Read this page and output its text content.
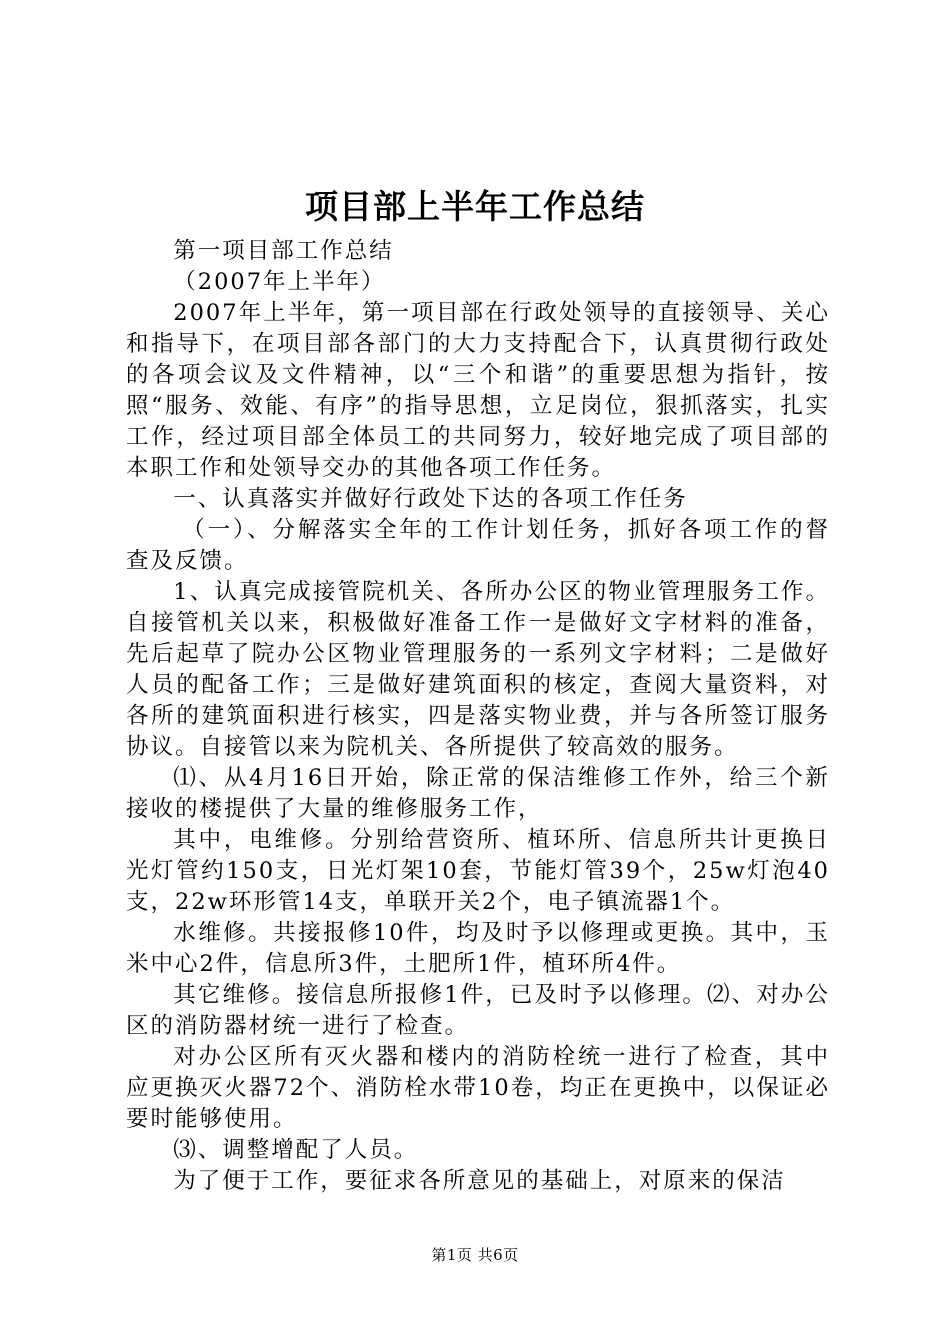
项目部上半年工作总结

第一项目部工作总结

（2007年上半年）

2007年上半年，第一项目部在行政处领导的直接领导、关心和指导下，在项目部各部门的大力支持配合下，认真贯彻行政处的各项会议及文件精神，以“三个和谐”的重要思想为指针，按照“服务、效能、有序”的指导思想，立足岗位，狠抓落实，扎实工作，经过项目部全体员工的共同努力，较好地完成了项目部的本职工作和处领导交办的其他各项工作任务。

一、认真落实并做好行政处下达的各项工作任务

（一）、分解落实全年的工作计划任务，抓好各项工作的督查及反馈。

1、认真完成接管院机关、各所办公区的物业管理服务工作。自接管机关以来，积极做好准备工作一是做好文字材料的准备，先后起草了院办公区物业管理服务的一系列文字材料；二是做好人员的配备工作；三是做好建筑面积的核定，查阅大量资料，对各所的建筑面积进行核实，四是落实物业费，并与各所签订服务协议。自接管以来为院机关、各所提供了较高效的服务。

⑴、从4月16日开始，除正常的保洁维修工作外，给三个新接收的楼提供了大量的维修服务工作，

其中，电维修。分别给营资所、植环所、信息所共计更换日光灯管约150支，日光灯架10套，节能灯管39个，25w灯泡40支，22w环形管14支，单联开关2个，电子镇流器1个。

水维修。共接报修10件，均及时予以修理或更换。其中，玉米中心2件，信息所3件，土肥所1件，植环所4件。

其它维修。接信息所报修1件，已及时予以修理。⑵、对办公区的消防器材统一进行了检查。

对办公区所有灭火器和楼内的消防栓统一进行了检查，其中应更换灭火器72个、消防栓水带10卷，均正在更换中，以保证必要时能够使用。

⑶、调整增配了人员。

为了便于工作，要征求各所意见的基础上，对原来的保洁

第1页 共6页
